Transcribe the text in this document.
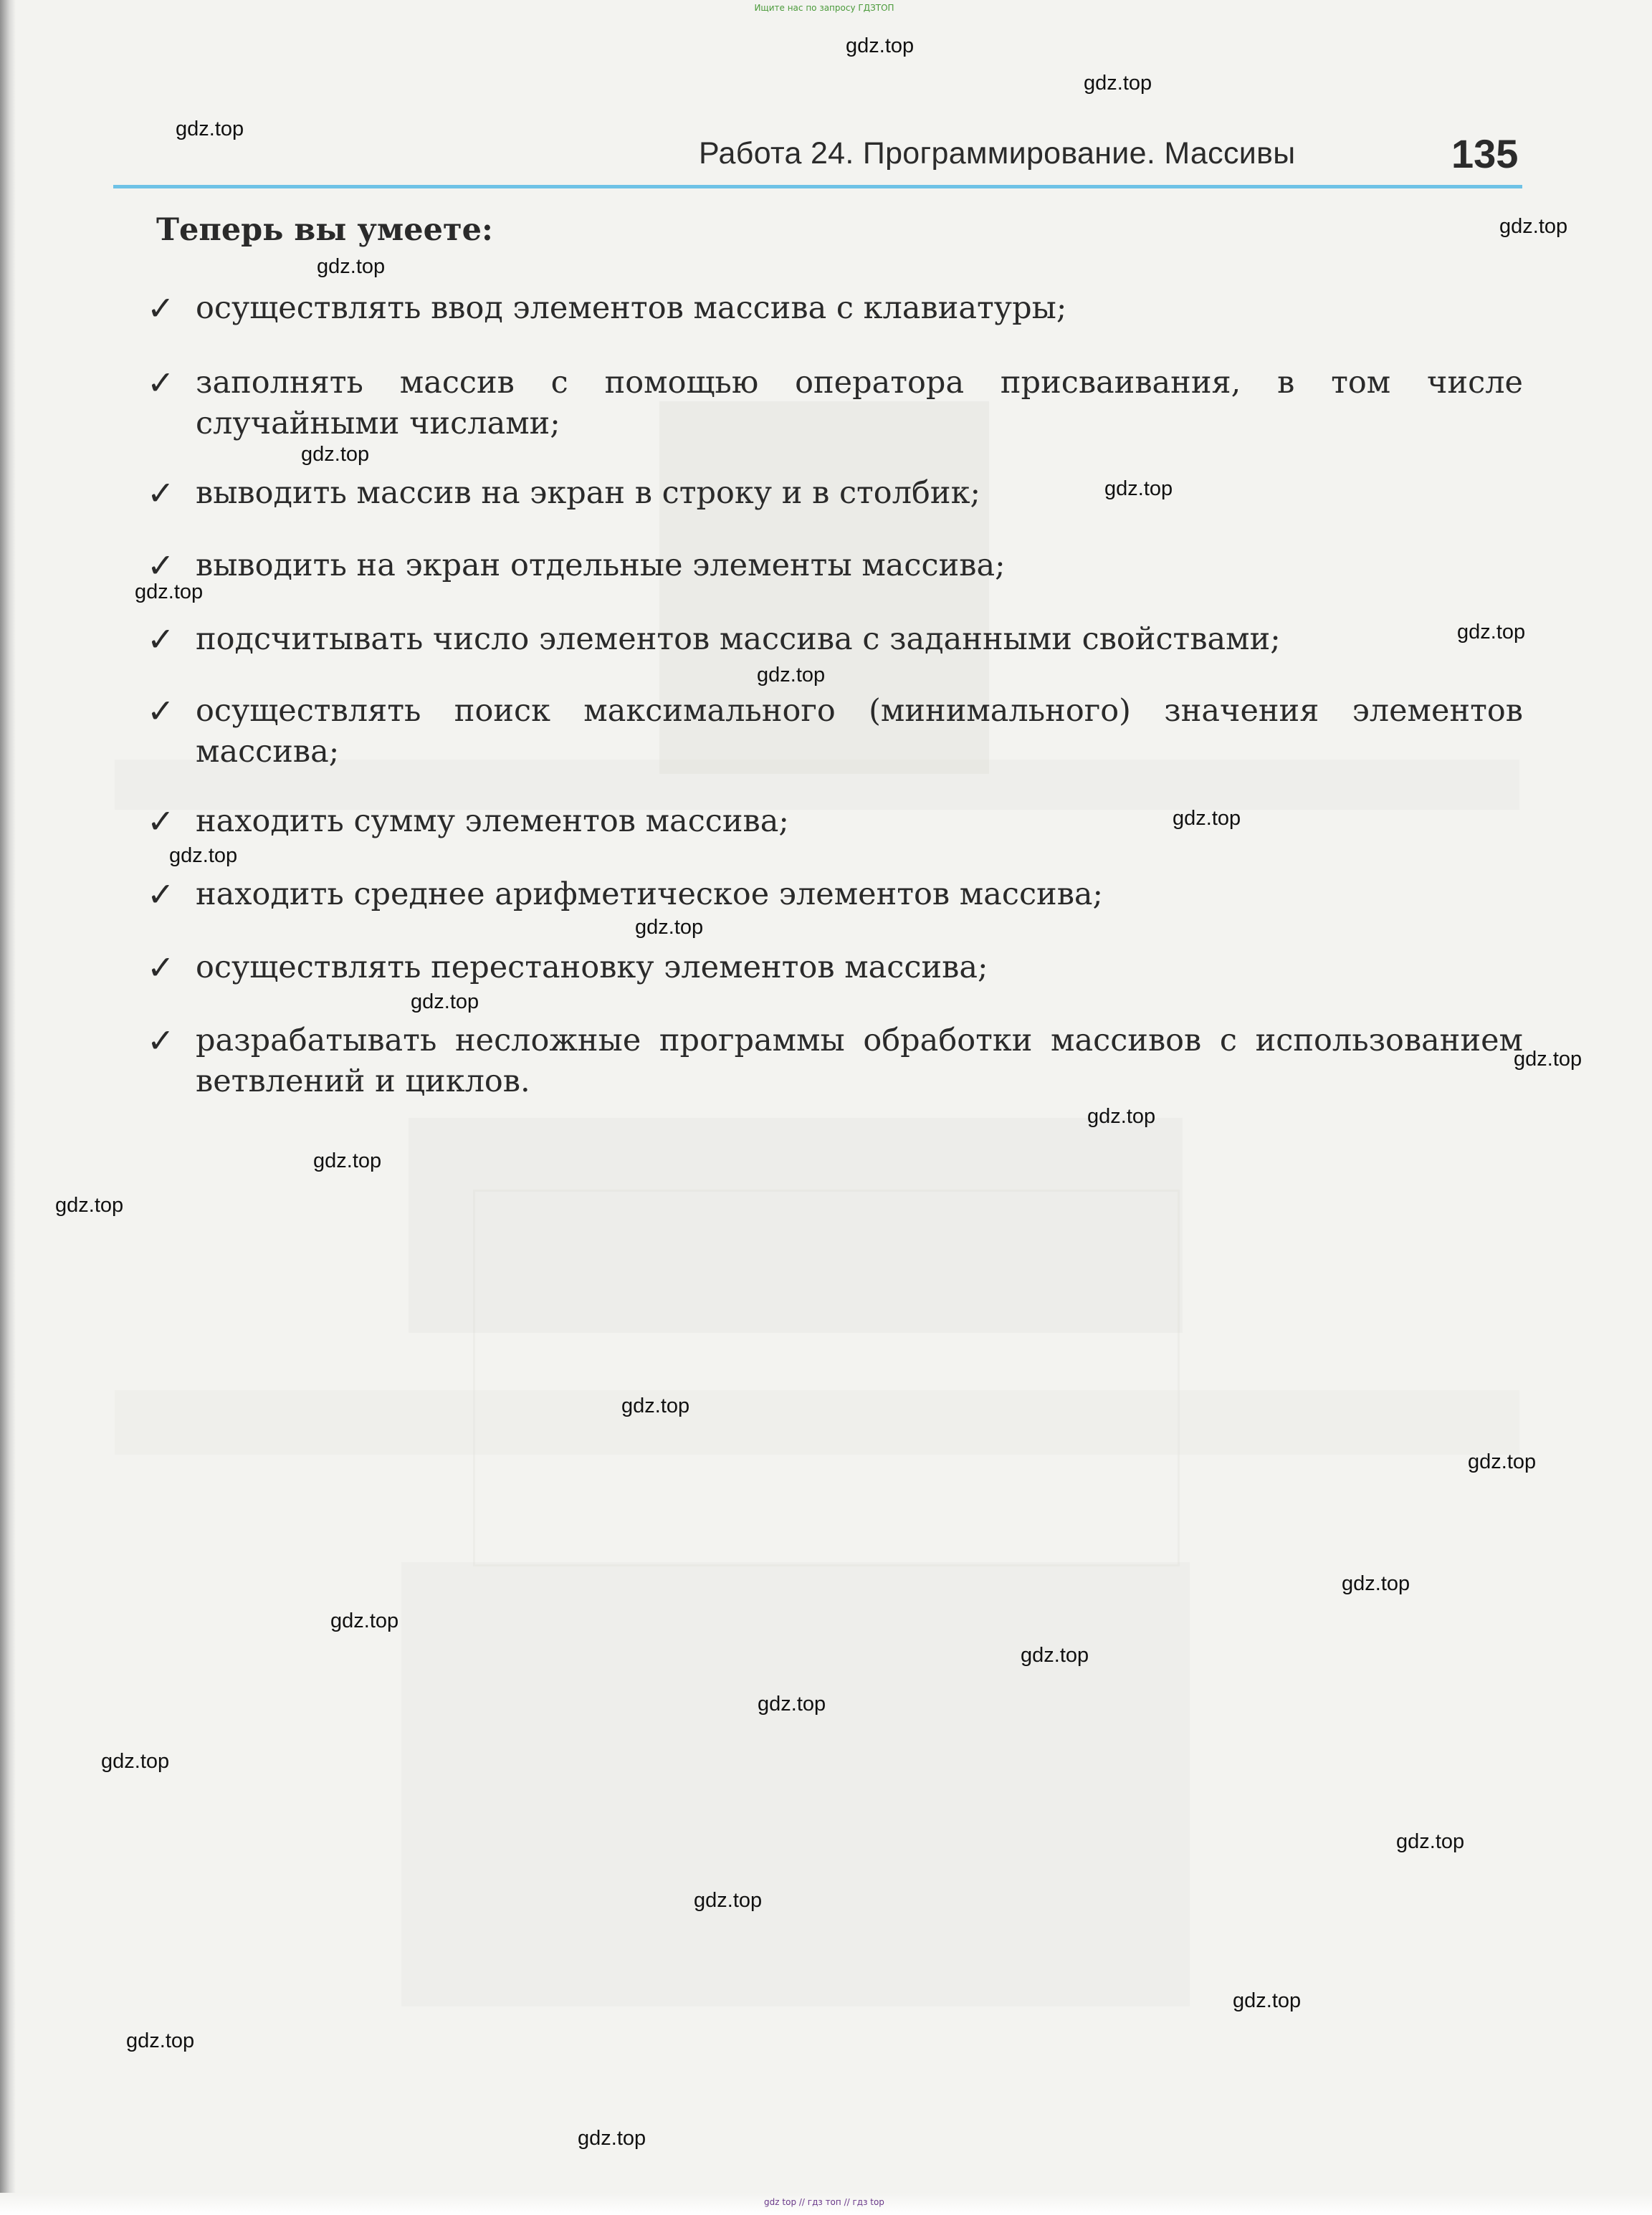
Ищите нас по запросу ГДЗТОП
Работа 24. Программирование. Массивы	135
Теперь вы умеете:
✓ осуществлять ввод элементов массива с клавиатуры;
✓ заполнять массив с помощью оператора присваивания, в том числе случайными числами;
✓ выводить массив на экран в строку и в столбик;
✓ выводить на экран отдельные элементы массива;
✓ подсчитывать число элементов массива с заданными свойствами;
✓ осуществлять поиск максимального (минимального) значения элементов массива;
✓ находить сумму элементов массива;
✓ находить среднее арифметическое элементов массива;
✓ осуществлять перестановку элементов массива;
✓ разрабатывать несложные программы обработки массивов с использованием ветвлений и циклов.
gdz.top
gdz.top
gdz.top
gdz.top
gdz.top
gdz.top
gdz.top
gdz.top
gdz.top
gdz.top
gdz.top
gdz.top
gdz.top
gdz.top
gdz.top
gdz.top
gdz.top
gdz.top
gdz.top
gdz.top
gdz.top
gdz.top
gdz.top
gdz.top
gdz.top
gdz.top
gdz.top
gdz.top
gdz.top
gdz.top
gdz top // гдз топ // гдз top
